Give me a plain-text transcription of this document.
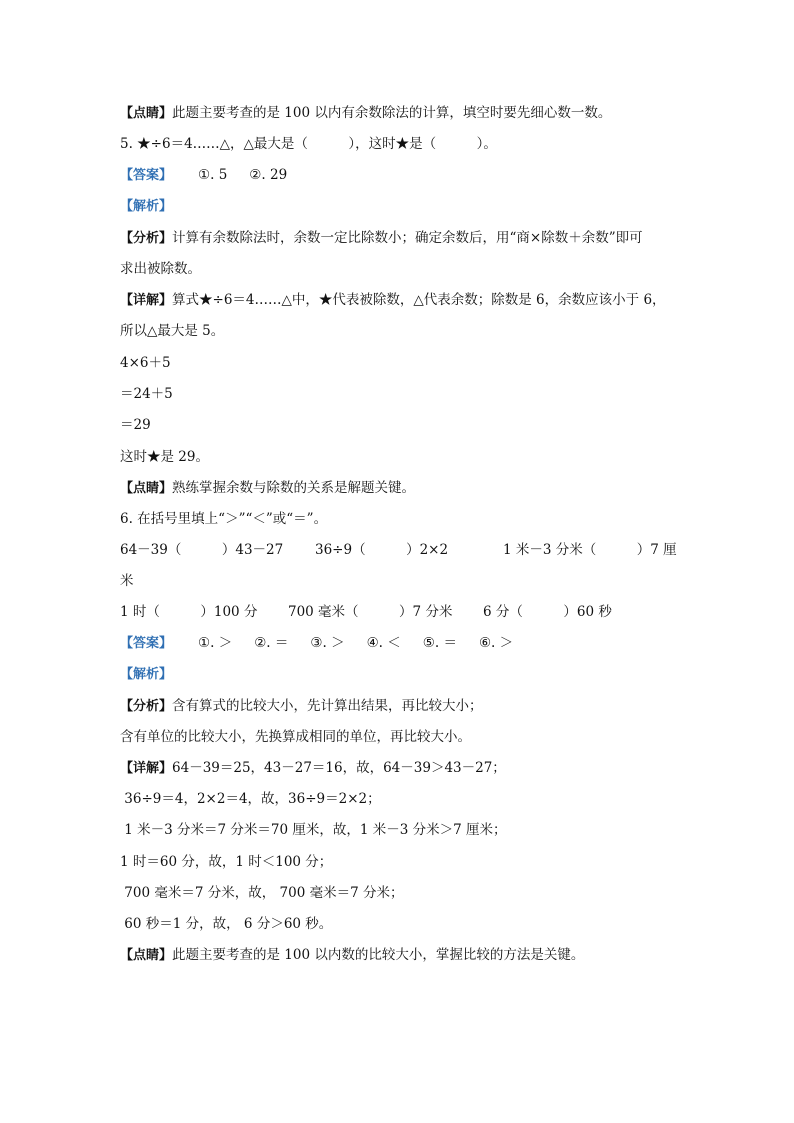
【点睛】此题主要考查的是 100 以内有余数除法的计算，填空时要先细心数一数。
5. ★÷6＝4……△，△最大是（　　　），这时★是（　　　）。
【答案】 ①. 5 ②. 29
【解析】
【分析】计算有余数除法时，余数一定比除数小；确定余数后，用“商×除数＋余数”即可
求出被除数。
【详解】算式★÷6＝4……△中，★代表被除数，△代表余数；除数是 6，余数应该小于 6，
所以△最大是 5。
4×6＋5
＝24＋5
＝29
这时★是 29。
【点睛】熟练掌握余数与除数的关系是解题关键。
6. 在括号里填上“＞”“＜”或“＝”。
64－39（　　　）43－27 36÷9（　　　）2×2	1 米－3 分米（　　　）7 厘
米
1 时（　　　）100 分 700 毫米（　　　）7 分米 6 分（　　　）60 秒
【答案】 ①. ＞ ②. ＝ ③. ＞ ④. ＜ ⑤. ＝ ⑥. ＞
【解析】
【分析】含有算式的比较大小，先计算出结果，再比较大小；
含有单位的比较大小，先换算成相同的单位，再比较大小。
【详解】64－39＝25，43－27＝16，故，64－39＞43－27；
36÷9＝4，2×2＝4，故，36÷9＝2×2；
1 米－3 分米＝7 分米＝70 厘米，故，1 米－3 分米＞7 厘米；
1 时＝60 分，故，1 时＜100 分；
700 毫米＝7 分米，故， 700 毫米＝7 分米；
60 秒＝1 分，故， 6 分＞60 秒。
【点睛】此题主要考查的是 100 以内数的比较大小，掌握比较的方法是关键。
